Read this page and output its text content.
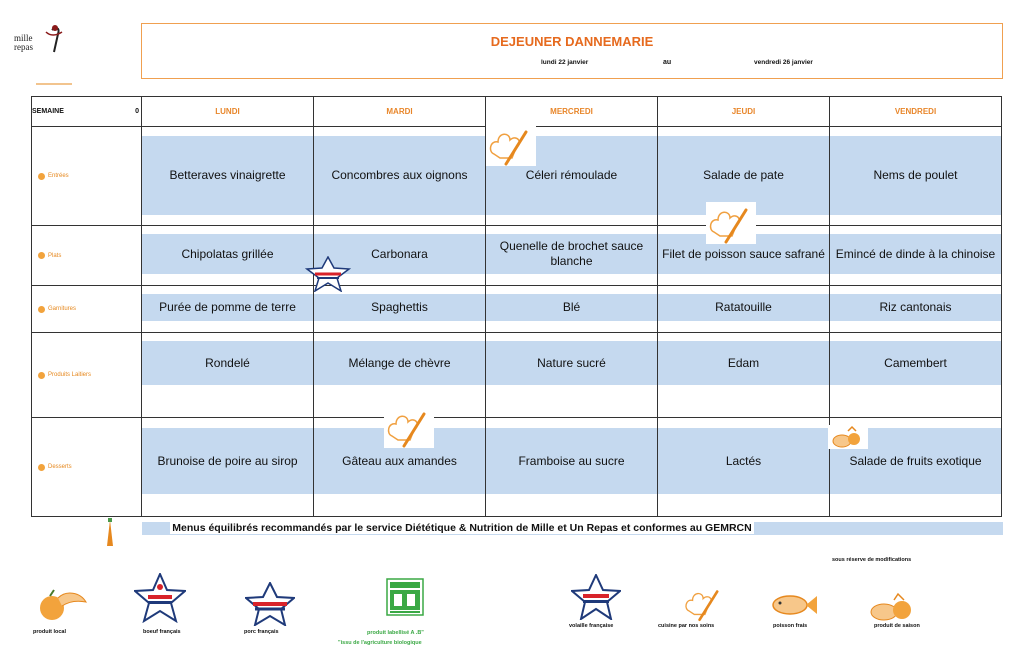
mille
repas	DEJEUNER DANNEMARIE
lundi 22 janvier	au	vendredi 26 janvier
SEMAINE 0	LUNDI	MARDI	MERCREDI	JEUDI	VENDREDI

Entrées	Betteraves vinaigrette	Concombres aux oignons	Céleri rémoulade	Salade de pate	Nems de poulet

Plats	Chipolatas grillée	Carbonara	Quenelle de brochet sauce blanche	Filet de poisson sauce safrané	Emincé de dinde à la chinoise

Garnitures	Purée de pomme de terre	Spaghettis	Blé	Ratatouille	Riz cantonais

Produits Laitiers	Rondelé	Mélange de chèvre	Nature sucré	Edam	Camembert

Desserts	Brunoise de poire au sirop	Gâteau aux amandes	Framboise au sucre	Lactés	Salade de fruits exotique
Menus équilibrés recommandés par le service Diététique & Nutrition de Mille et Un Repas et conformes au GEMRCN
sous réserve de modifications
produit local	boeuf français	porc français	produit labellisé A .B"
"issu de l'agriculture biologique
volaille française	cuisine par nos soins	poisson frais	produit de saison
